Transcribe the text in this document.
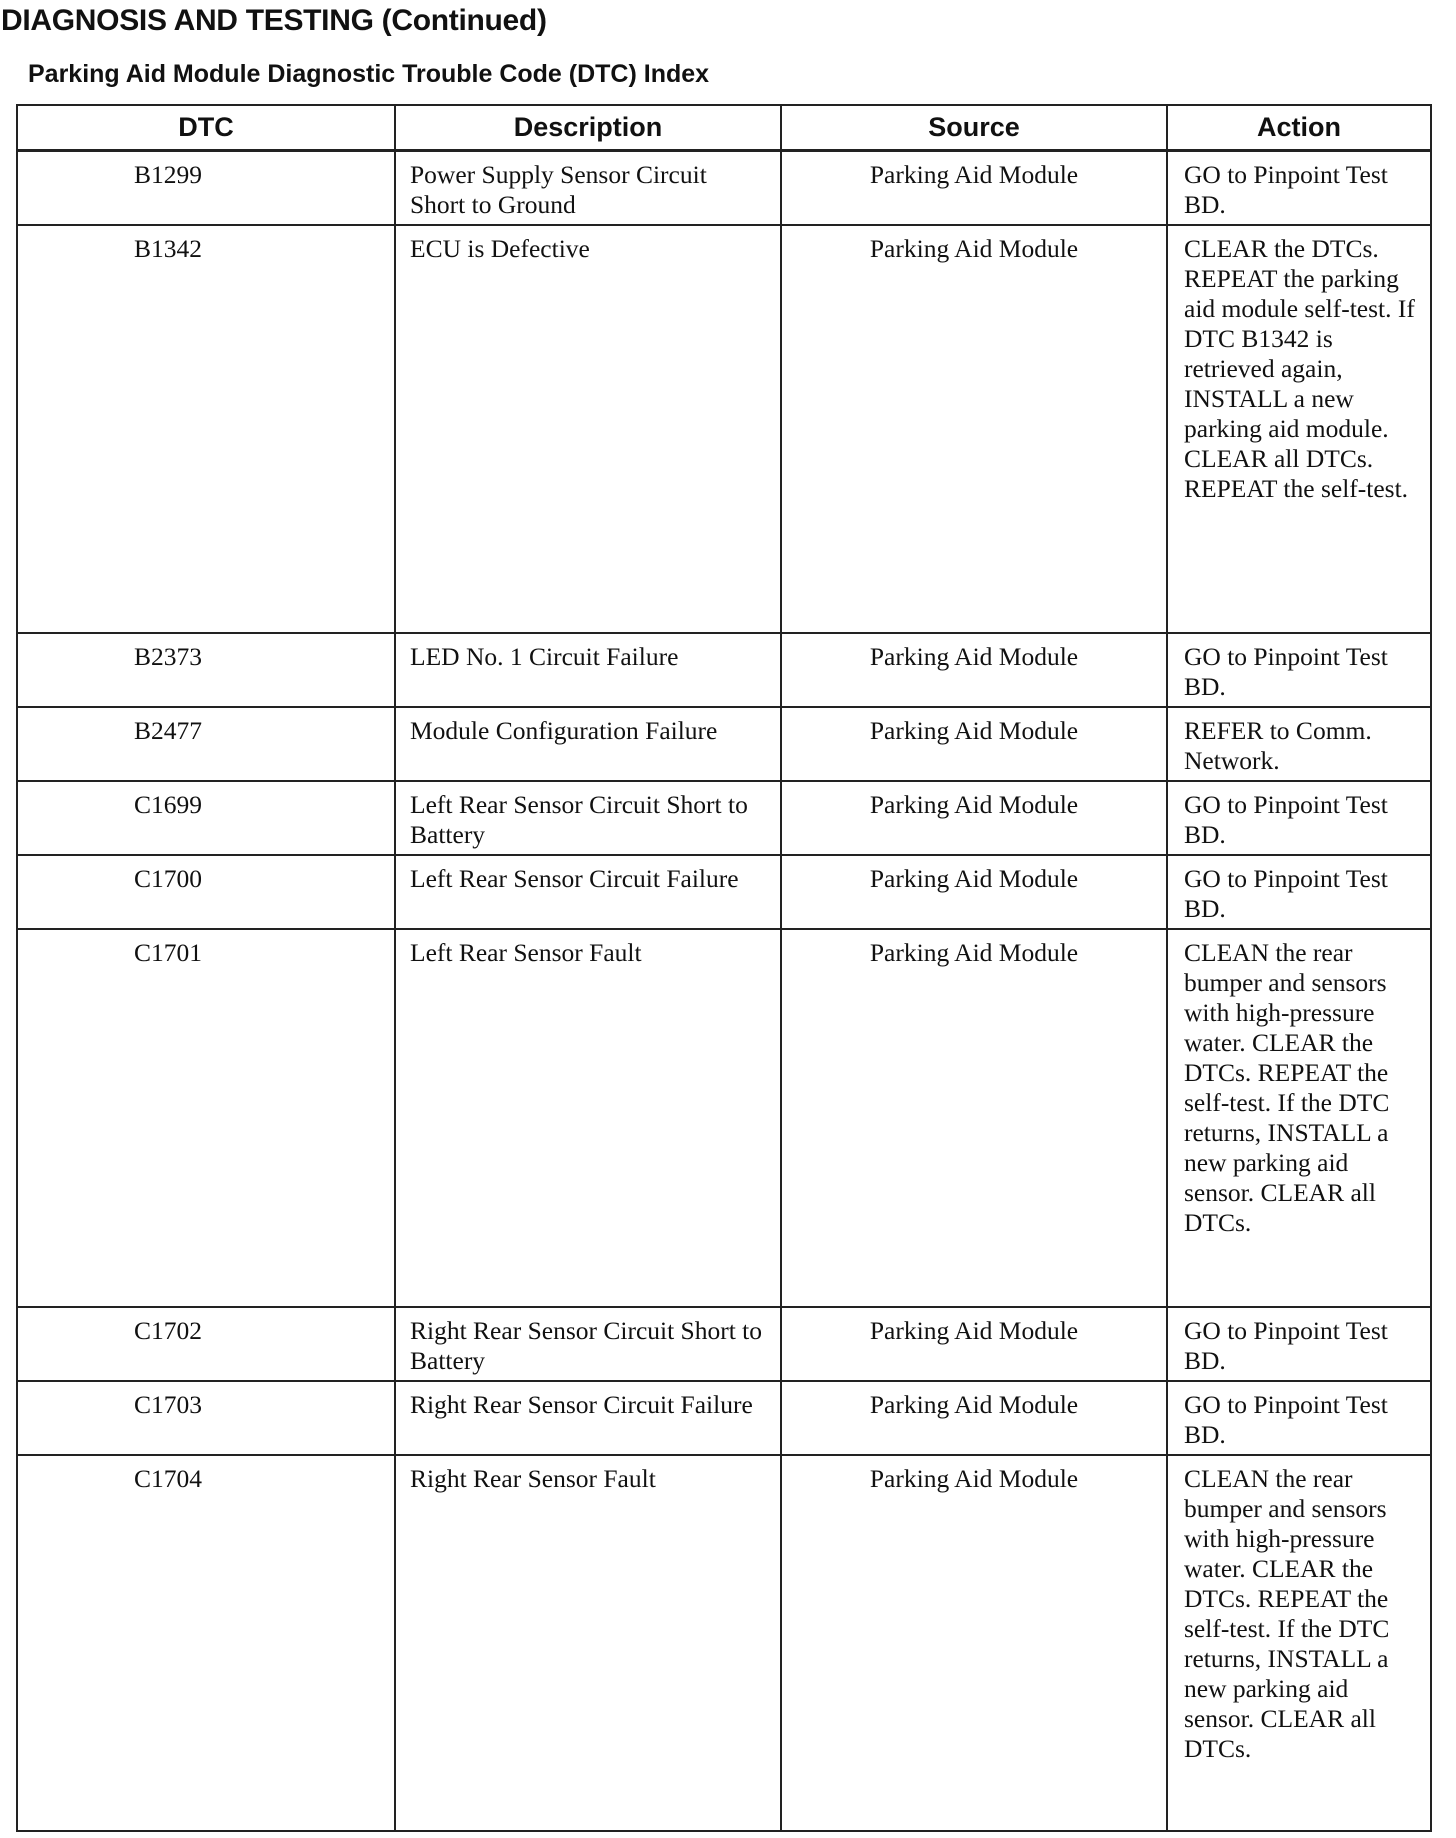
DIAGNOSIS AND TESTING (Continued)
Parking Aid Module Diagnostic Trouble Code (DTC) Index
DTC	Description	Source	Action

B1299	Power Supply Sensor Circuit Short to Ground	Parking Aid Module	GO to Pinpoint Test BD.

B1342	ECU is Defective	Parking Aid Module	CLEAR the DTCs. REPEAT the parking aid module self-test. If DTC B1342 is retrieved again, INSTALL a new parking aid module. CLEAR all DTCs. REPEAT the self-test.

B2373	LED No. 1 Circuit Failure	Parking Aid Module	GO to Pinpoint Test BD.

B2477	Module Configuration Failure	Parking Aid Module	REFER to Comm. Network.

C1699	Left Rear Sensor Circuit Short to Battery	Parking Aid Module	GO to Pinpoint Test BD.

C1700	Left Rear Sensor Circuit Failure	Parking Aid Module	GO to Pinpoint Test BD.

C1701	Left Rear Sensor Fault	Parking Aid Module	CLEAN the rear bumper and sensors with high-pressure water. CLEAR the DTCs. REPEAT the self-test. If the DTC returns, INSTALL a new parking aid sensor. CLEAR all DTCs.

C1702	Right Rear Sensor Circuit Short to Battery	Parking Aid Module	GO to Pinpoint Test BD.

C1703	Right Rear Sensor Circuit Failure	Parking Aid Module	GO to Pinpoint Test BD.

C1704	Right Rear Sensor Fault	Parking Aid Module	CLEAN the rear bumper and sensors with high-pressure water. CLEAR the DTCs. REPEAT the self-test. If the DTC returns, INSTALL a new parking aid sensor. CLEAR all DTCs.
